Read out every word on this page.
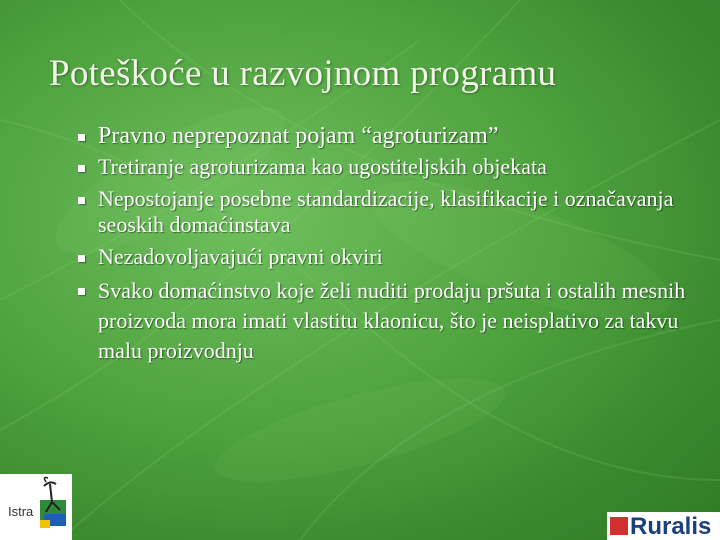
Poteškoće u razvojnom programu
Pravno neprepoznat pojam “agroturizam”
Tretiranje agroturizama kao ugostiteljskih objekata
Nepostojanje posebne standardizacije, klasifikacije i označavanja seoskih domaćinstava
Nezadovoljavajući pravni okviri
Svako domaćinstvo koje želi nuditi prodaju pršuta i ostalih mesnih proizvoda mora imati vlastitu klaonicu, što je neisplativo za takvu malu proizvodnju
Istra
Ruralis
